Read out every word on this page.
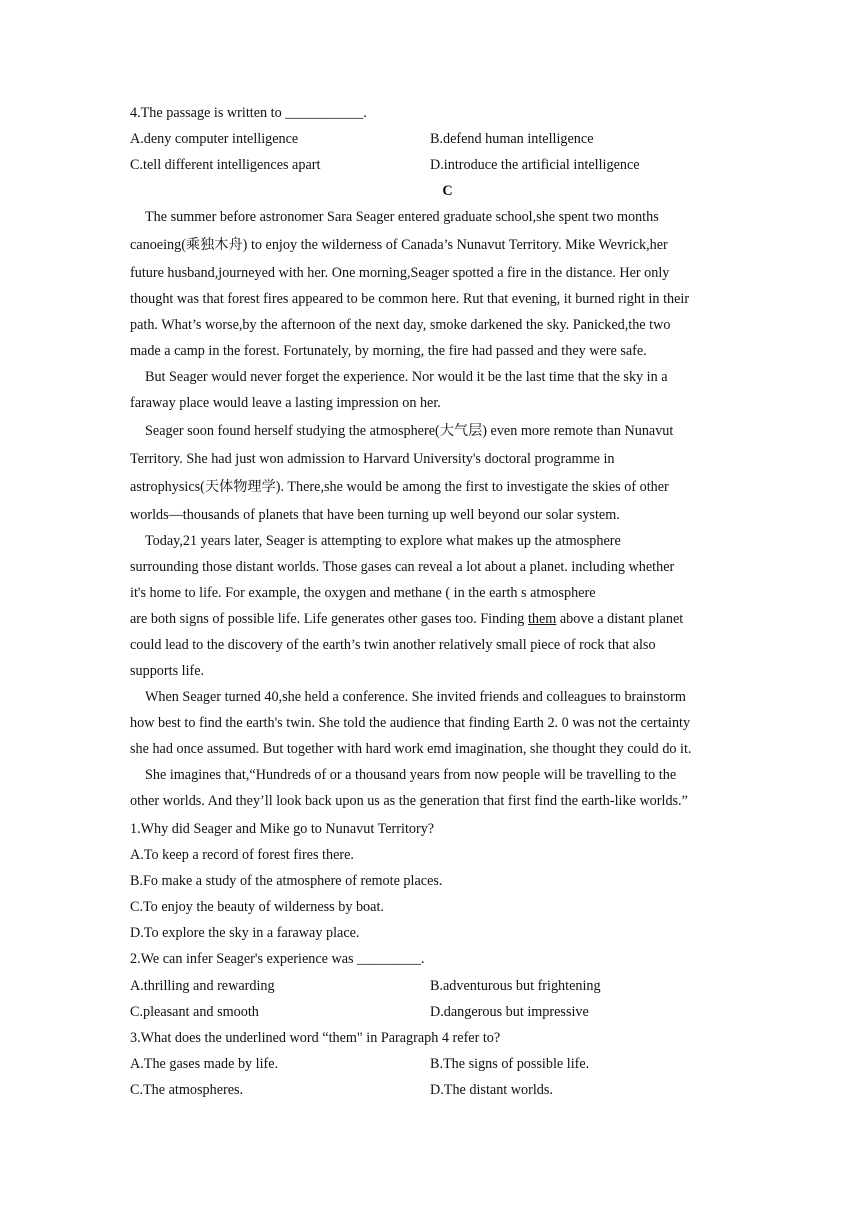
4.The passage is written to ___________.
A.deny computer intelligence	B.defend human intelligence
C.tell different intelligences apart	D.introduce the artificial intelligence
C
The summer before astronomer Sara Seager entered graduate school,she spent two months
canoeing(乘独木舟) to enjoy the wilderness of Canada’s Nunavut Territory. Mike Wevrick,her
future husband,journeyed with her. One morning,Seager spotted a fire in the distance. Her only
thought was that forest fires appeared to be common here. Rut that evening, it burned right in their
path. What’s worse,by the afternoon of the next day, smoke darkened the sky. Panicked,the two
made a camp in the forest. Fortunately, by morning, the fire had passed and they were safe.
But Seager would never forget the experience. Nor would it be the last time that the sky in a
faraway place would leave a lasting impression on her.
Seager soon found herself studying the atmosphere(大气层) even more remote than Nunavut
Territory. She had just won admission to Harvard University's doctoral programme in
astrophysics(天体物理学). There,she would be among the first to investigate the skies of other
worlds—thousands of planets that have been turning up well beyond our solar system.
Today,21 years later, Seager is attempting to explore what makes up the atmosphere
surrounding those distant worlds. Those gases can reveal a lot about a planet. including whether
it's home to life. For example, the oxygen and methane ( in the earth s atmosphere
are both signs of possible life. Life generates other gases too. Finding them above a distant planet
could lead to the discovery of the earth’s twin another relatively small piece of rock that also
supports life.
When Seager turned 40,she held a conference. She invited friends and colleagues to brainstorm
how best to find the earth's twin. She told the audience that finding Earth 2. 0 was not the certainty
she had once assumed. But together with hard work emd imagination, she thought they could do it.
She imagines that,“Hundreds of or a thousand years from now people will be travelling to the
other worlds. And they’ll look back upon us as the generation that first find the earth-like worlds.”
1.Why did Seager and Mike go to Nunavut Territory?
A.To keep a record of forest fires there.
B.Fo make a study of the atmosphere of remote places.
C.To enjoy the beauty of wilderness by boat.
D.To explore the sky in a faraway place.
2.We can infer Seager's experience was _________.
A.thrilling and rewarding	B.adventurous but frightening
C.pleasant and smooth	D.dangerous but impressive
3.What does the underlined word “them" in Paragraph 4 refer to?
A.The gases made by life.	B.The signs of possible life.
C.The atmospheres.	D.The distant worlds.
